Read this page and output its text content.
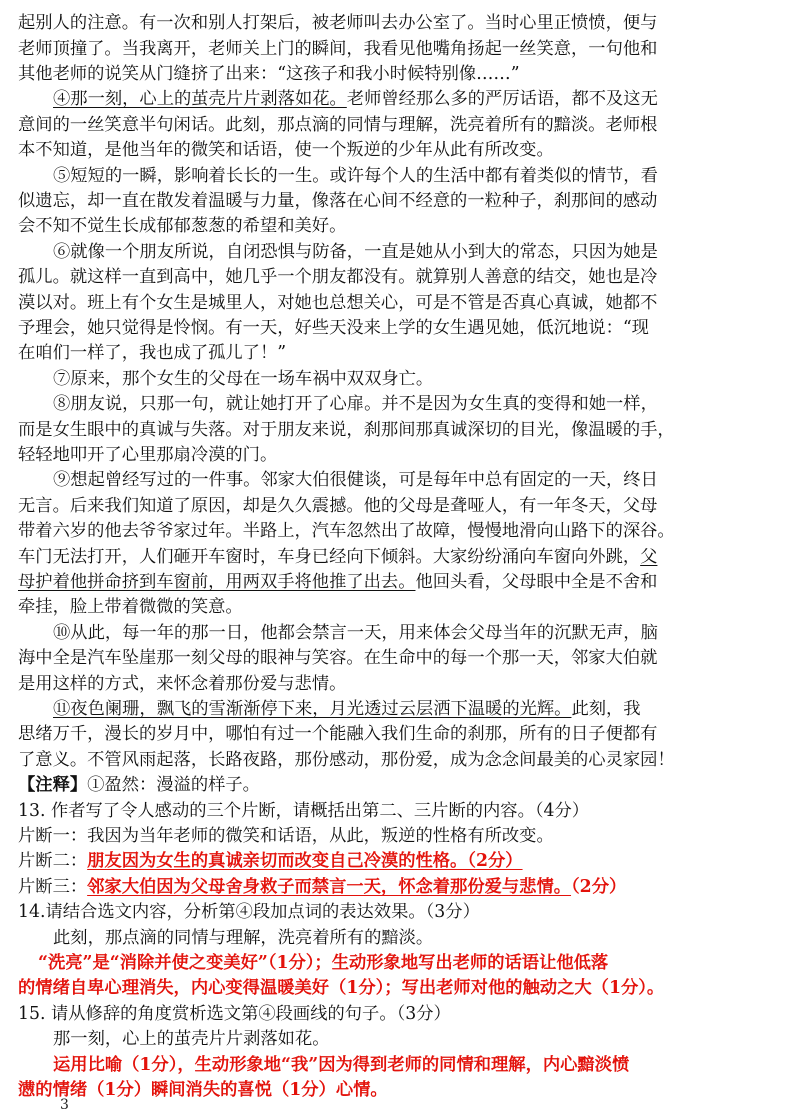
起别人的注意。有一次和别人打架后，被老师叫去办公室了。当时心里正愤愤，便与
老师顶撞了。当我离开，老师关上门的瞬间，我看见他嘴角扬起一丝笑意，一句他和
其他老师的说笑从门缝挤了出来：“这孩子和我小时候特别像……”
④那一刻，心上的茧壳片片剥落如花。老师曾经那么多的严厉话语，都不及这无
意间的一丝笑意半句闲话。此刻，那点滴的同情与理解，洗亮着所有的黯淡。老师根
本不知道，是他当年的微笑和话语，使一个叛逆的少年从此有所改变。
⑤短短的一瞬，影响着长长的一生。或许每个人的生活中都有着类似的情节，看
似遗忘，却一直在散发着温暖与力量，像落在心间不经意的一粒种子，刹那间的感动
会不知不觉生长成郁郁葱葱的希望和美好。
⑥就像一个朋友所说，自闭恐惧与防备，一直是她从小到大的常态，只因为她是
孤儿。就这样一直到高中，她几乎一个朋友都没有。就算别人善意的结交，她也是冷
漠以对。班上有个女生是城里人，对她也总想关心，可是不管是否真心真诚，她都不
予理会，她只觉得是怜悯。有一天，好些天没来上学的女生遇见她，低沉地说：“现
在咱们一样了，我也成了孤儿了！”
⑦原来，那个女生的父母在一场车祸中双双身亡。
⑧朋友说，只那一句，就让她打开了心扉。并不是因为女生真的变得和她一样，
而是女生眼中的真诚与失落。对于朋友来说，刹那间那真诚深切的目光，像温暖的手，
轻轻地叩开了心里那扇冷漠的门。
⑨想起曾经写过的一件事。邻家大伯很健谈，可是每年中总有固定的一天，终日
无言。后来我们知道了原因，却是久久震撼。他的父母是聋哑人，有一年冬天，父母
带着六岁的他去爷爷家过年。半路上，汽车忽然出了故障，慢慢地滑向山路下的深谷。
车门无法打开，人们砸开车窗时，车身已经向下倾斜。大家纷纷涌向车窗向外跳，父
母护着他拼命挤到车窗前，用两双手将他推了出去。他回头看，父母眼中全是不舍和
牵挂，脸上带着微微的笑意。
⑩从此，每一年的那一日，他都会禁言一天，用来体会父母当年的沉默无声，脑
海中全是汽车坠崖那一刻父母的眼神与笑容。在生命中的每一个那一天，邻家大伯就
是用这样的方式，来怀念着那份爱与悲情。
⑪夜色阑珊，飘飞的雪渐渐停下来，月光透过云层洒下温暖的光辉。此刻，我
思绪万千，漫长的岁月中，哪怕有过一个能融入我们生命的刹那，所有的日子便都有
了意义。不管风雨起落，长路夜路，那份感动，那份爱，成为念念间最美的心灵家园！
【注释】①盈然：漫溢的样子。
13. 作者写了令人感动的三个片断，请概括出第二、三片断的内容。（4分）
片断一：我因为当年老师的微笑和话语，从此，叛逆的性格有所改变。
片断二：朋友因为女生的真诚亲切而改变自己冷漠的性格。（2分）
片断三：邻家大伯因为父母舍身救子而禁言一天，怀念着那份爱与悲情。（2分）
14.请结合选文内容，分析第④段加点词的表达效果。（3分）
此刻，那点滴的同情与理解，洗亮着所有的黯淡。
“洗亮”是“消除并使之变美好”（1分）；生动形象地写出老师的话语让他低落
的情绪自卑心理消失，内心变得温暖美好（1分）；写出老师对他的触动之大（1分）。
15. 请从修辞的角度赏析选文第④段画线的句子。（3分）
那一刻，心上的茧壳片片剥落如花。
运用比喻（1分），生动形象地“我”因为得到老师的同情和理解，内心黯淡愤
懑的情绪（1分）瞬间消失的喜悦（1分）心情。
3
